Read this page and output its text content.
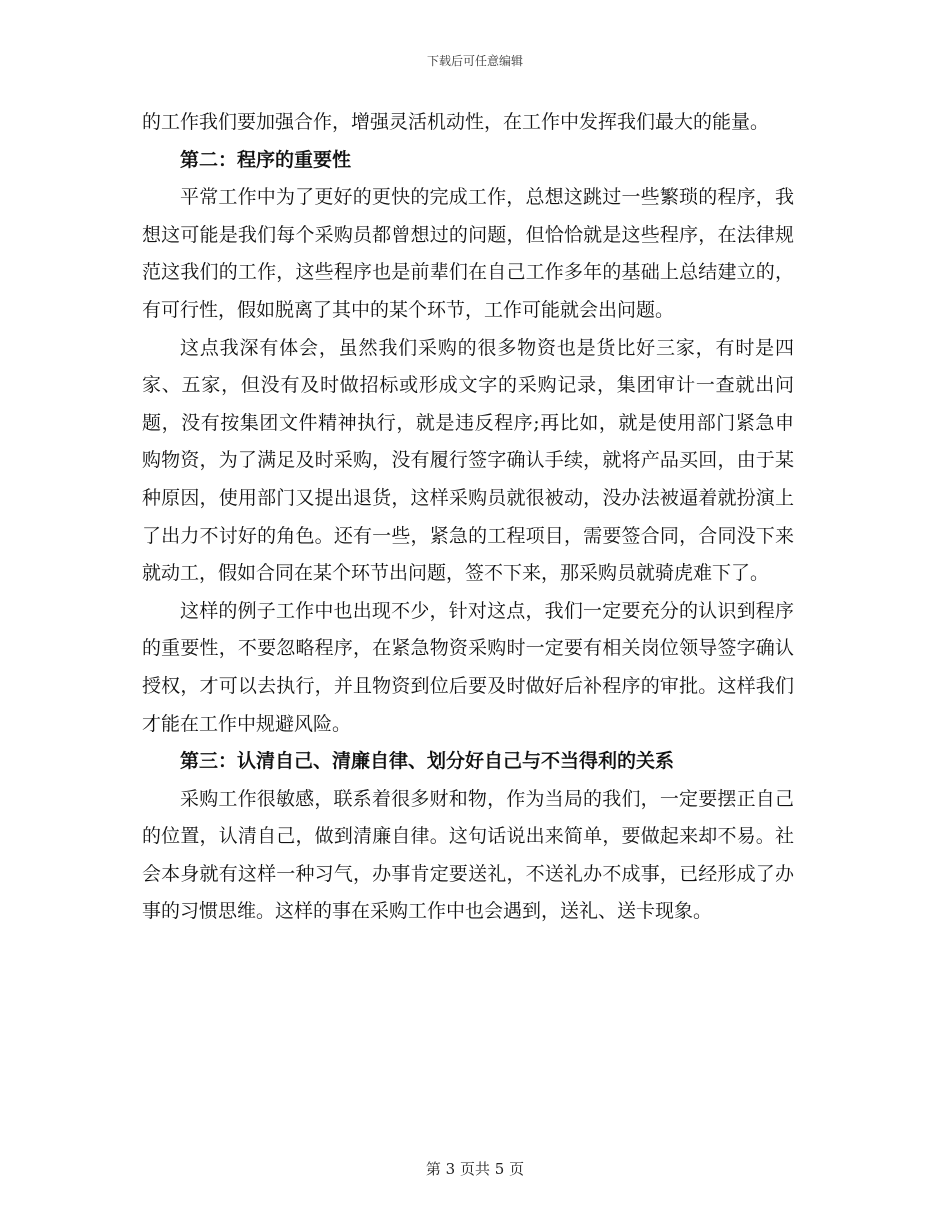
下载后可任意编辑

的工作我们要加强合作，增强灵活机动性，在工作中发挥我们最大的能量。

第二：程序的重要性

平常工作中为了更好的更快的完成工作，总想这跳过一些繁琐的程序，我想这可能是我们每个采购员都曾想过的问题，但恰恰就是这些程序，在法律规范这我们的工作，这些程序也是前辈们在自己工作多年的基础上总结建立的，有可行性，假如脱离了其中的某个环节，工作可能就会出问题。

这点我深有体会，虽然我们采购的很多物资也是货比好三家，有时是四家、五家，但没有及时做招标或形成文字的采购记录，集团审计一查就出问题，没有按集团文件精神执行，就是违反程序;再比如，就是使用部门紧急申购物资，为了满足及时采购，没有履行签字确认手续，就将产品买回，由于某种原因，使用部门又提出退货，这样采购员就很被动，没办法被逼着就扮演上了出力不讨好的角色。还有一些，紧急的工程项目，需要签合同，合同没下来就动工，假如合同在某个环节出问题，签不下来，那采购员就骑虎难下了。

这样的例子工作中也出现不少，针对这点，我们一定要充分的认识到程序的重要性，不要忽略程序，在紧急物资采购时一定要有相关岗位领导签字确认授权，才可以去执行，并且物资到位后要及时做好后补程序的审批。这样我们才能在工作中规避风险。

第三：认清自己、清廉自律、划分好自己与不当得利的关系

采购工作很敏感，联系着很多财和物，作为当局的我们，一定要摆正自己的位置，认清自己，做到清廉自律。这句话说出来简单，要做起来却不易。社会本身就有这样一种习气，办事肯定要送礼，不送礼办不成事，已经形成了办事的习惯思维。这样的事在采购工作中也会遇到，送礼、送卡现象。

第 3 页共 5 页
